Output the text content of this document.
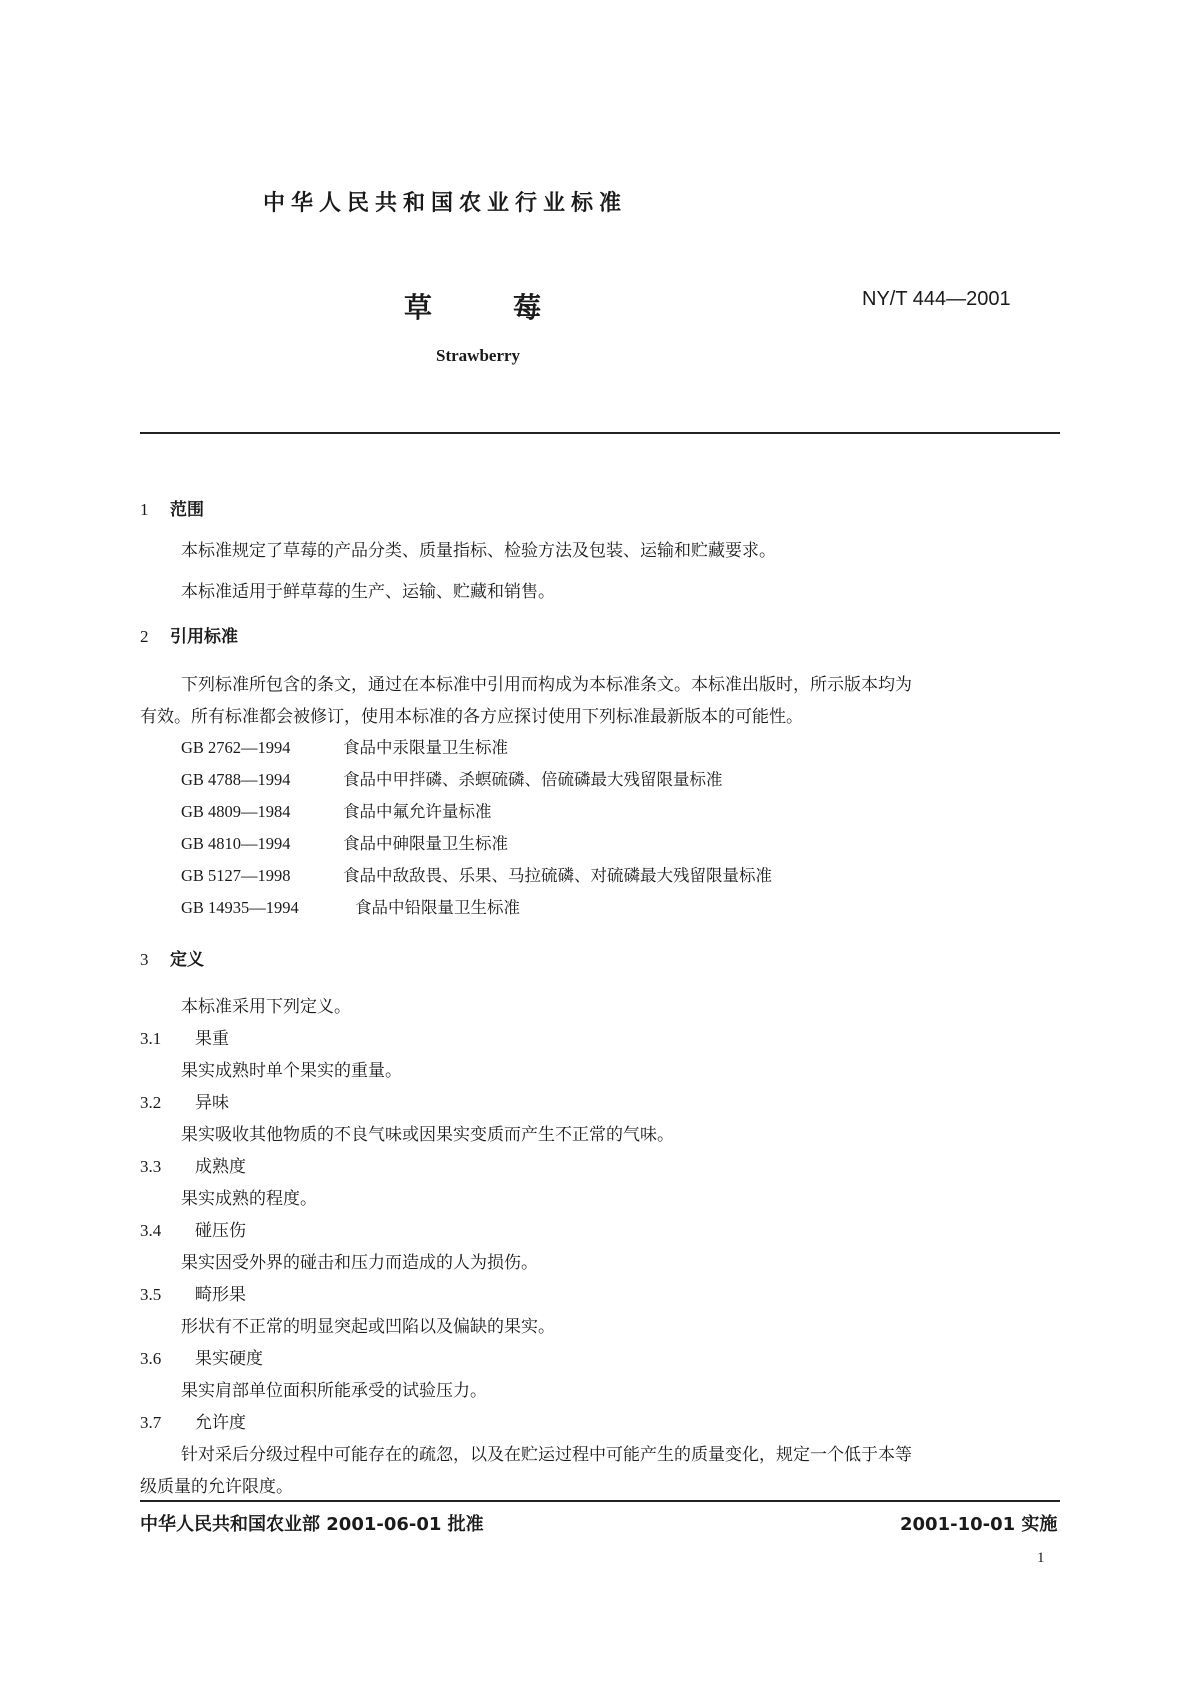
中华人民共和国农业行业标准
草	莓	NY/T 444—2001
Strawberry
1 范围
本标准规定了草莓的产品分类、质量指标、检验方法及包装、运输和贮藏要求。
本标准适用于鲜草莓的生产、运输、贮藏和销售。
2 引用标准
下列标准所包含的条文，通过在本标准中引用而构成为本标准条文。本标准出版时，所示版本均为
有效。所有标准都会被修订，使用本标准的各方应探讨使用下列标准最新版本的可能性。
GB 2762—1994	食品中汞限量卫生标准
GB 4788—1994	食品中甲拌磷、杀螟硫磷、倍硫磷最大残留限量标准
GB 4809—1984	食品中氟允许量标准
GB 4810—1994	食品中砷限量卫生标准
GB 5127—1998	食品中敌敌畏、乐果、马拉硫磷、对硫磷最大残留限量标准
GB 14935—1994	食品中铅限量卫生标准
3 定义
本标准采用下列定义。
3.1 果重
果实成熟时单个果实的重量。
3.2 异味
果实吸收其他物质的不良气味或因果实变质而产生不正常的气味。
3.3 成熟度
果实成熟的程度。
3.4 碰压伤
果实因受外界的碰击和压力而造成的人为损伤。
3.5 畸形果
形状有不正常的明显突起或凹陷以及偏缺的果实。
3.6 果实硬度
果实肩部单位面积所能承受的试验压力。
3.7 允许度
针对采后分级过程中可能存在的疏忽，以及在贮运过程中可能产生的质量变化，规定一个低于本等
级质量的允许限度。
中华人民共和国农业部 2001-06-01 批准	2001-10-01 实施
1
